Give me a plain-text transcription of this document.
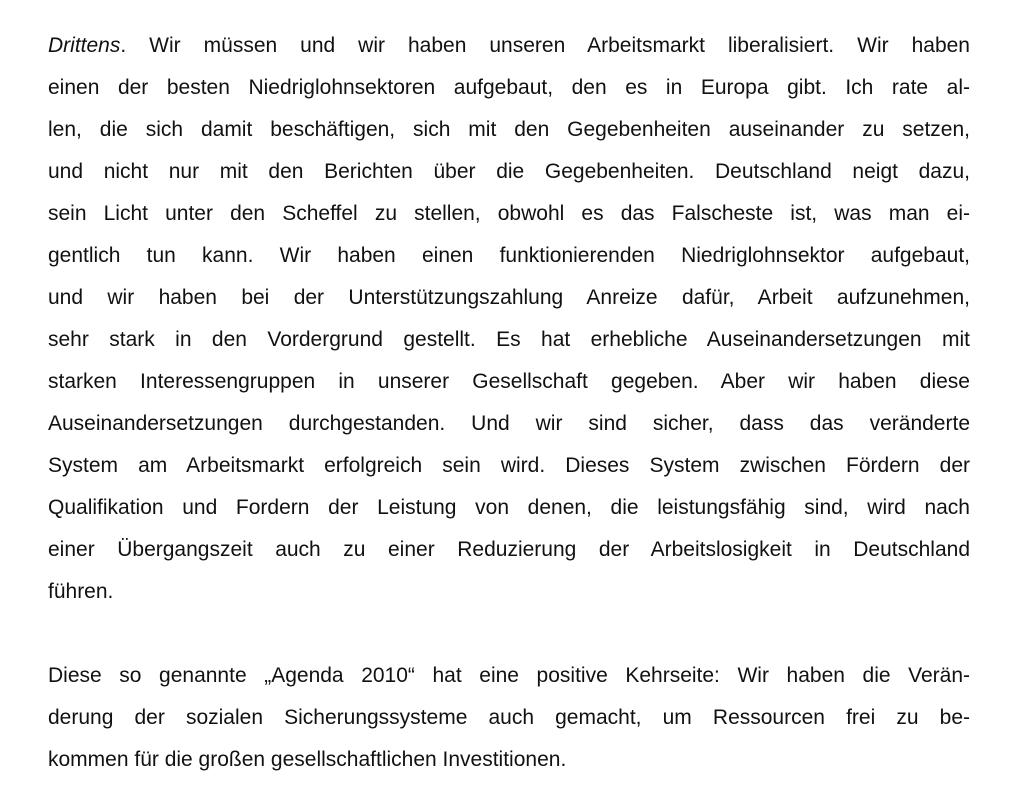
Drittens. Wir müssen und wir haben unseren Arbeitsmarkt liberalisiert. Wir haben
einen der besten Niedriglohnsektoren aufgebaut, den es in Europa gibt. Ich rate al-
len, die sich damit beschäftigen, sich mit den Gegebenheiten auseinander zu setzen,
und nicht nur mit den Berichten über die Gegebenheiten. Deutschland neigt dazu,
sein Licht unter den Scheffel zu stellen, obwohl es das Falscheste ist, was man ei-
gentlich tun kann. Wir haben einen funktionierenden Niedriglohnsektor aufgebaut,
und wir haben bei der Unterstützungszahlung Anreize dafür, Arbeit aufzunehmen,
sehr stark in den Vordergrund gestellt. Es hat erhebliche Auseinandersetzungen mit
starken Interessengruppen in unserer Gesellschaft gegeben. Aber wir haben diese
Auseinandersetzungen durchgestanden. Und wir sind sicher, dass das veränderte
System am Arbeitsmarkt erfolgreich sein wird. Dieses System zwischen Fördern der
Qualifikation und Fordern der Leistung von denen, die leistungsfähig sind, wird nach
einer Übergangszeit auch zu einer Reduzierung der Arbeitslosigkeit in Deutschland
führen.
Diese so genannte „Agenda 2010“ hat eine positive Kehrseite: Wir haben die Verän-
derung der sozialen Sicherungssysteme auch gemacht, um Ressourcen frei zu be-
kommen für die großen gesellschaftlichen Investitionen.
